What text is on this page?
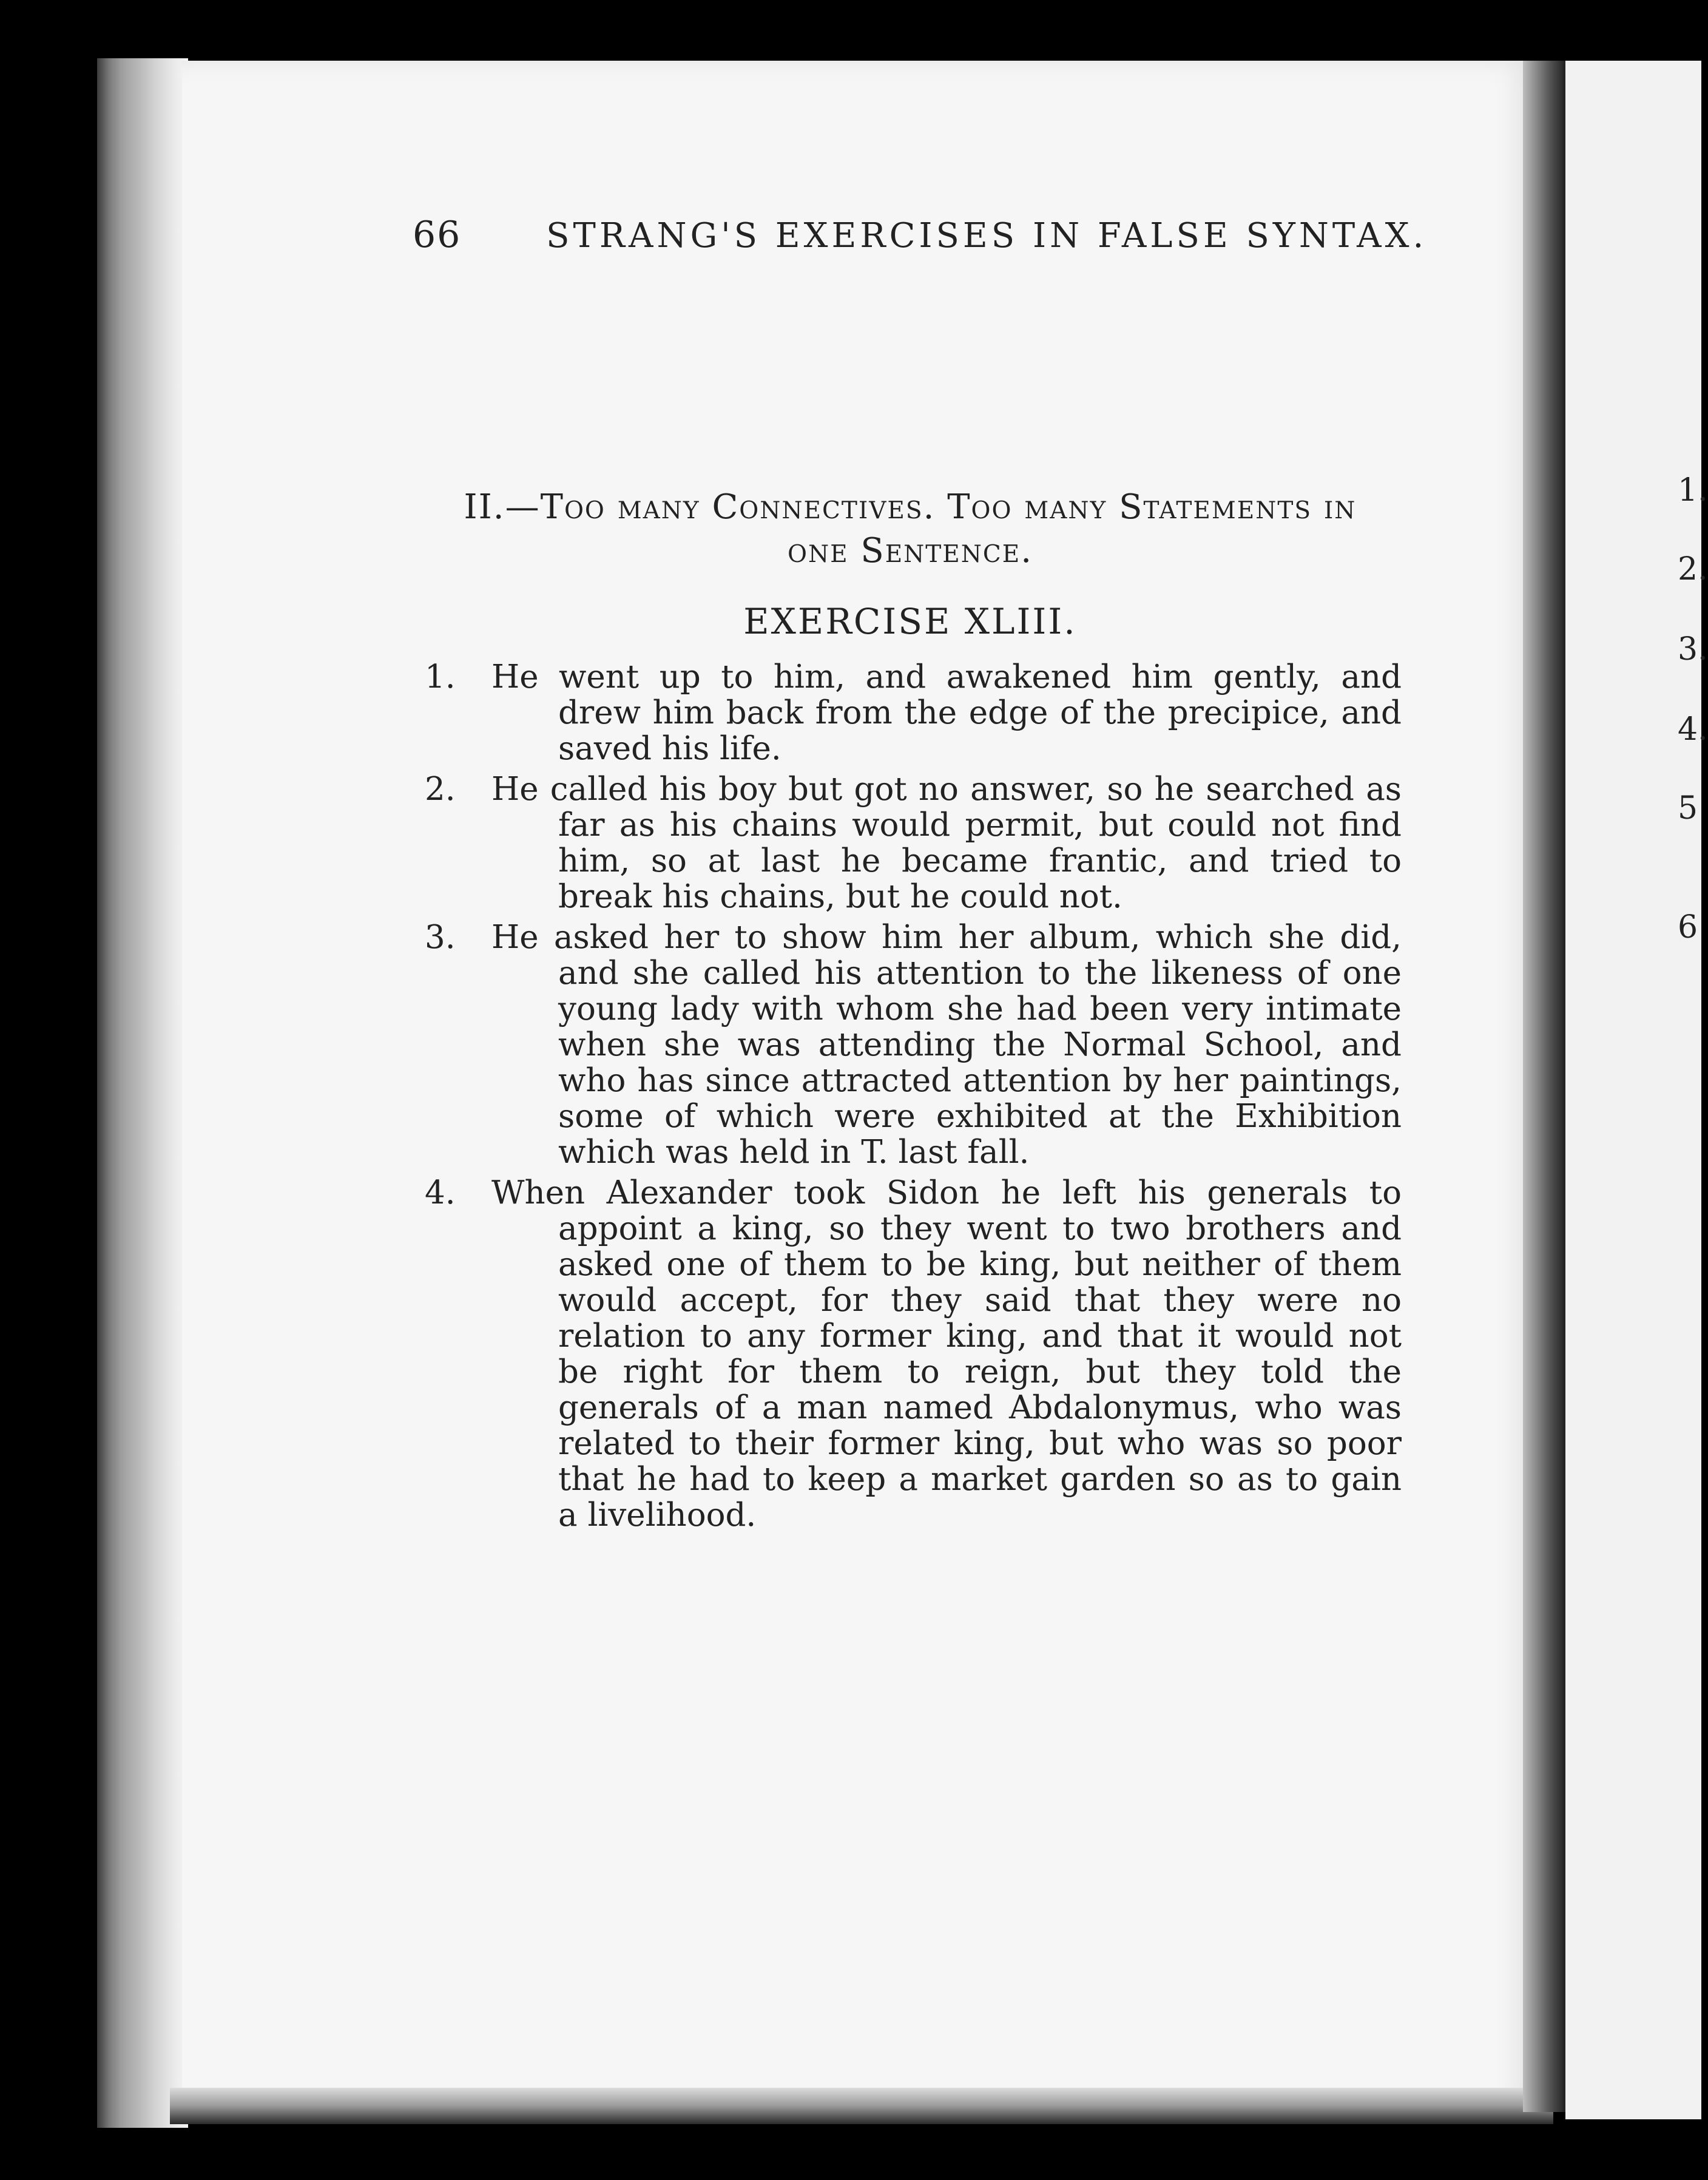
1.
2.
3.
4.
5
6
66 STRANG'S EXERCISES IN FALSE SYNTAX.
II.—Too many Connectives. Too many Statements in
one Sentence.
EXERCISE XLIII.
1. He went up to him, and awakened him gently, and drew him back from the edge of the precipice, and saved his life.
2. He called his boy but got no answer, so he searched as far as his chains would permit, but could not find him, so at last he became frantic, and tried to break his chains, but he could not.
3. He asked her to show him her album, which she did, and she called his attention to the likeness of one young lady with whom she had been very intimate when she was attending the Normal School, and who has since attracted attention by her paintings, some of which were exhibited at the Exhibition which was held in T. last fall.
4. When Alexander took Sidon he left his generals to appoint a king, so they went to two brothers and asked one of them to be king, but neither of them would accept, for they said that they were no relation to any former king, and that it would not be right for them to reign, but they told the generals of a man named Abdalonymus, who was related to their former king, but who was so poor that he had to keep a market garden so as to gain a livelihood.
